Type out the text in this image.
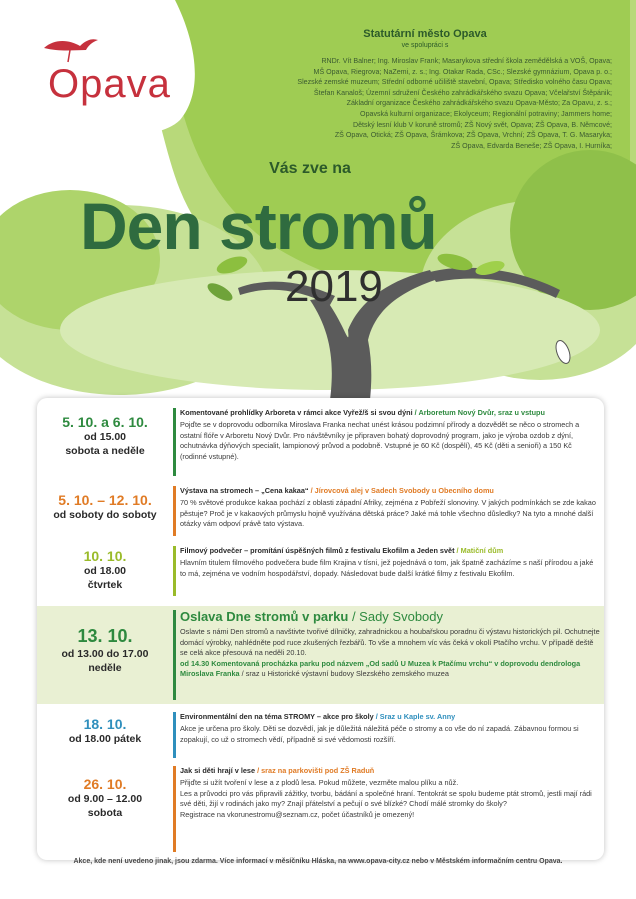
Opava
Statutární město Opava
ve spolupráci s
RNDr. Vít Balner; Ing. Miroslav Frank; Masarykova střední škola zemědělská a VOŠ, Opava;
MŠ Opava, Riegrova; NaZemi, z. s.; Ing. Otakar Rada, CSc.; Slezské gymnázium, Opava p. o.;
Slezské zemské muzeum; Střední odborné učiliště stavební, Opava; Středisko volného času Opava;
Štefan Kanaloš; Územní sdružení Českého zahrádkářského svazu Opava; Včelařství Štěpánik;
Základní organizace Českého zahrádkářského svazu Opava-Město; Za Opavu, z. s.;
Opavská kulturní organizace; Ekolyceum; Regionální potraviny; Jammers home;
Dětský lesní klub V koruně stromů; ZŠ Nový svět, Opava; ZŠ Opava, B. Němcové;
ZŠ Opava, Otická; ZŠ Opava, Šrámkova; ZŠ Opava, Vrchní; ZŠ Opava, T. G. Masaryka;
ZŠ Opava, Edvarda Beneše; ZŠ Opava, I. Hurníka;
Vás zve na
Den stromů
2019
5. 10. a 6. 10.
od 15.00
sobota a neděle
Komentované prohlídky Arboreta v rámci akce Vyřež/š si svou dýni / Arboretum Nový Dvůr, sraz u vstupu
Pojďte se v doprovodu odborníka Miroslava Franka nechat unést krásou podzimní přírody a dozvědět se něco o stromech a ostatní flóře v Arboretu Nový Dvůr. Pro návštěvníky je připraven bohatý doprovodný program, jako je výroba ozdob z dýní, ochutnávka dýňových specialit, lampionový průvod a podobně. Vstupné je 60 Kč (dospělí), 45 Kč (děti a senioři) a 150 Kč (rodinné vstupné).
5. 10. – 12. 10.
od soboty do soboty
Výstava na stromech – „Cena kakaa“ / Jírovcová alej v Sadech Svobody u Obecního domu
70 % světové produkce kakaa pochází z oblasti západní Afriky, zejména z Pobřeží slonoviny. V jakých podmínkách se zde kakao pěstuje? Proč je v kakaových průmyslu hojně využívána dětská práce? Jaké má tohle všechno důsledky? Na tyto a mnohé další otázky vám odpoví právě tato výstava.
10. 10.
od 18.00
čtvrtek
Filmový podvečer – promítání úspěšných filmů z festivalu Ekofilm a Jeden svět / Matiční dům
Hlavním titulem filmového podvečera bude film Krajina v tísni, jež pojednává o tom, jak špatně zacházíme s naší přírodou a jaké to má, zejména ve vodním hospodářství, dopady. Následovat bude další krátké filmy z festivalu Ekofilm.
13. 10.
od 13.00 do 17.00
neděle
Oslava Dne stromů v parku / Sady Svobody
Oslavte s námi Den stromů a navštivte tvořivé dílničky, zahradnickou a houbařskou poradnu či výstavu historických pil. Ochutnejte domácí výrobky, nahlédněte pod ruce zkušených řezbářů. To vše a mnohem víc vás čeká v okolí Ptačího vrchu. V případě deště se celá akce přesouvá na neděli 20.10.
od 14.30 Komentovaná procházka parku pod názvem „Od sadů U Muzea k Ptačímu vrchu“ v doprovodu dendrologa Miroslava Franka / sraz u Historické výstavní budovy Slezského zemského muzea
18. 10.
od 18.00 pátek
Environmentální den na téma STROMY – akce pro školy / Sraz u Kaple sv. Anny
Akce je určena pro školy. Děti se dozvědí, jak je důležitá náležitá péče o stromy a co vše do ní zapadá. Zábavnou formou si zopakují, co už o stromech vědí, případně si své vědomosti rozšíří.
26. 10.
od 9.00 – 12.00
sobota
Jak si děti hrají v lese / sraz na parkovišti pod ZŠ Raduň
Přijďte si užít tvoření v lese a z plodů lesa. Pokud můžete, vezměte malou plíku a nůž.
Les a průvodci pro vás připravili zážitky, tvorbu, bádání a společné hraní. Tentokrát se spolu budeme ptát stromů, jestli mají rádi své děti, žijí v rodinách jako my? Znají přátelství a pečují o své blízké? Chodí málé stromky do školy?
Registrace na vkorunestromu@seznam.cz, počet účastníků je omezený!
Akce, kde není uvedeno jinak, jsou zdarma. Více informací v měsíčníku Hláska, na www.opava-city.cz nebo v Městském informačním centru Opava.
